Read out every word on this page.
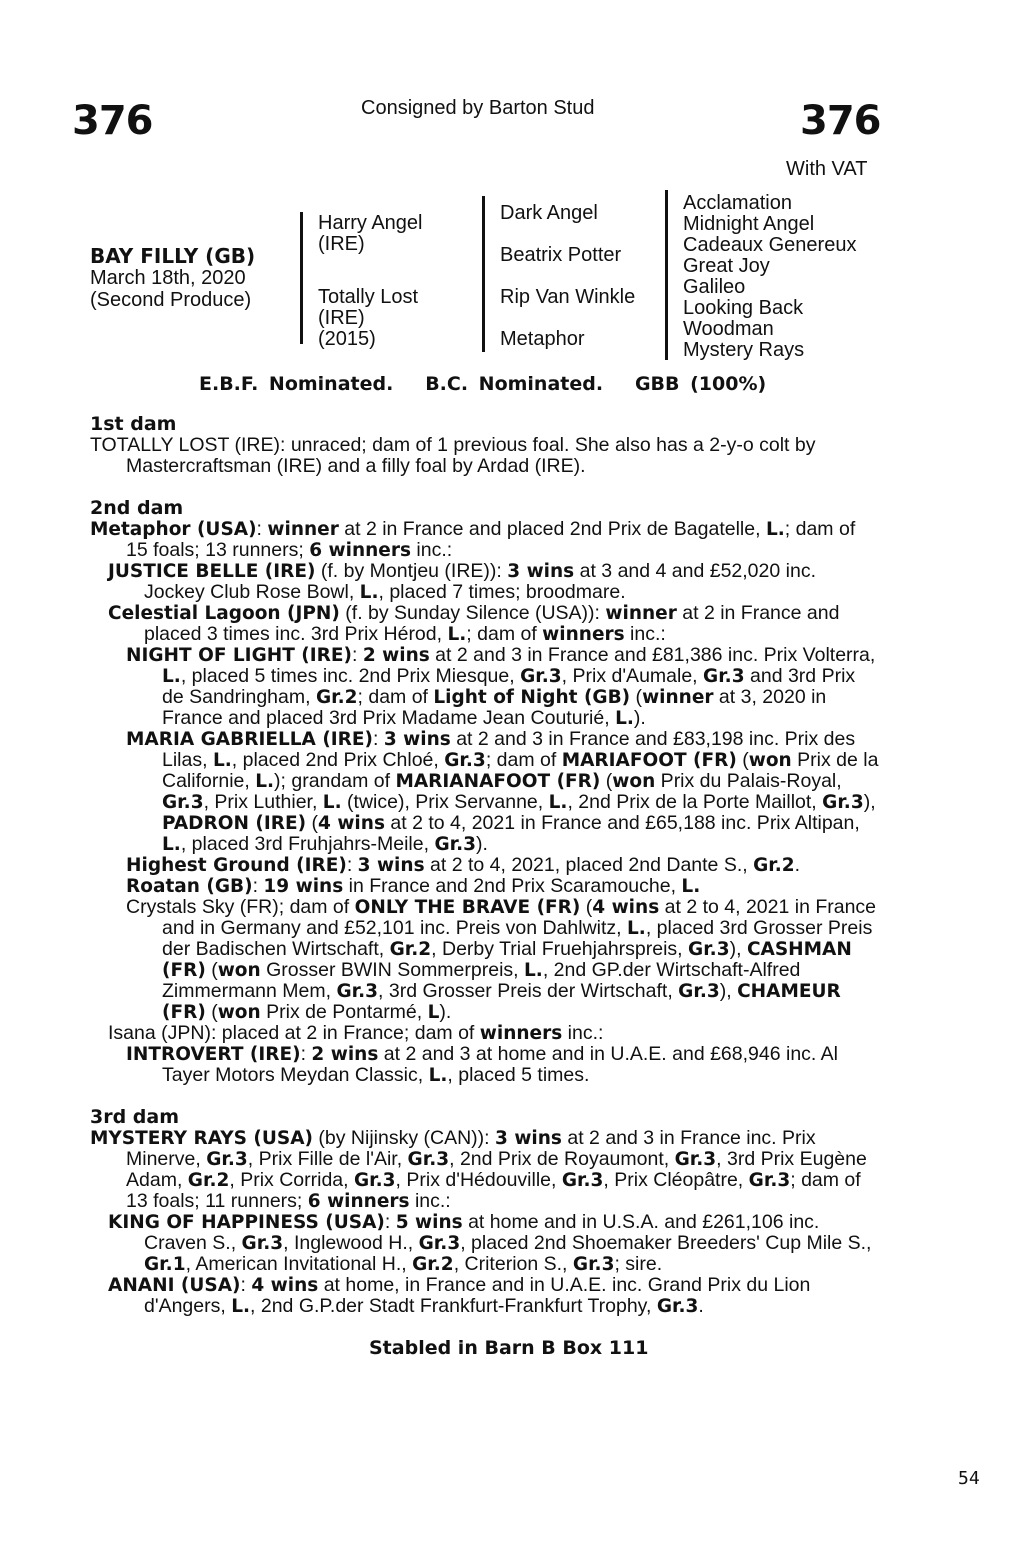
376	Consigned by Barton Stud	376
With VAT
BAY FILLY (GB)
March 18th, 2020
(Second Produce)
Harry Angel
(IRE)
Totally Lost
(IRE)
(2015)
Dark Angel
Beatrix Potter
Rip Van Winkle
Metaphor
Acclamation
Midnight Angel
Cadeaux Genereux
Great Joy
Galileo
Looking Back
Woodman
Mystery Rays
E.B.F. Nominated. B.C. Nominated. GBB (100%)
1st dam

TOTALLY LOST (IRE): unraced; dam of 1 previous foal. She also has a 2-y-o colt by Mastercraftsman (IRE) and a filly foal by Ardad (IRE).

2nd dam

Metaphor (USA): winner at 2 in France and placed 2nd Prix de Bagatelle, L.; dam of 15 foals; 13 runners; 6 winners inc.:

JUSTICE BELLE (IRE) (f. by Montjeu (IRE)): 3 wins at 3 and 4 and £52,020 inc. Jockey Club Rose Bowl, L., placed 7 times; broodmare.

Celestial Lagoon (JPN) (f. by Sunday Silence (USA)): winner at 2 in France and placed 3 times inc. 3rd Prix Hérod, L.; dam of winners inc.:

NIGHT OF LIGHT (IRE): 2 wins at 2 and 3 in France and £81,386 inc. Prix Volterra, L., placed 5 times inc. 2nd Prix Miesque, Gr.3, Prix d'Aumale, Gr.3 and 3rd Prix de Sandringham, Gr.2; dam of Light of Night (GB) (winner at 3, 2020 in France and placed 3rd Prix Madame Jean Couturié, L.).

MARIA GABRIELLA (IRE): 3 wins at 2 and 3 in France and £83,198 inc. Prix des Lilas, L., placed 2nd Prix Chloé, Gr.3; dam of MARIAFOOT (FR) (won Prix de la Californie, L.); grandam of MARIANAFOOT (FR) (won Prix du Palais-Royal, Gr.3, Prix Luthier, L. (twice), Prix Servanne, L., 2nd Prix de la Porte Maillot, Gr.3), PADRON (IRE) (4 wins at 2 to 4, 2021 in France and £65,188 inc. Prix Altipan, L., placed 3rd Fruhjahrs-Meile, Gr.3).

Highest Ground (IRE): 3 wins at 2 to 4, 2021, placed 2nd Dante S., Gr.2.

Roatan (GB): 19 wins in France and 2nd Prix Scaramouche, L.

Crystals Sky (FR); dam of ONLY THE BRAVE (FR) (4 wins at 2 to 4, 2021 in France and in Germany and £52,101 inc. Preis von Dahlwitz, L., placed 3rd Grosser Preis der Badischen Wirtschaft, Gr.2, Derby Trial Fruehjahrspreis, Gr.3), CASHMAN (FR) (won Grosser BWIN Sommerpreis, L., 2nd GP.der Wirtschaft-Alfred Zimmermann Mem, Gr.3, 3rd Grosser Preis der Wirtschaft, Gr.3), CHAMEUR (FR) (won Prix de Pontarmé, L).

Isana (JPN): placed at 2 in France; dam of winners inc.:

INTROVERT (IRE): 2 wins at 2 and 3 at home and in U.A.E. and £68,946 inc. Al Tayer Motors Meydan Classic, L., placed 5 times.

3rd dam

MYSTERY RAYS (USA) (by Nijinsky (CAN)): 3 wins at 2 and 3 in France inc. Prix Minerve, Gr.3, Prix Fille de l'Air, Gr.3, 2nd Prix de Royaumont, Gr.3, 3rd Prix Eugène Adam, Gr.2, Prix Corrida, Gr.3, Prix d'Hédouville, Gr.3, Prix Cléopâtre, Gr.3; dam of 13 foals; 11 runners; 6 winners inc.:

KING OF HAPPINESS (USA): 5 wins at home and in U.S.A. and £261,106 inc. Craven S., Gr.3, Inglewood H., Gr.3, placed 2nd Shoemaker Breeders' Cup Mile S., Gr.1, American Invitational H., Gr.2, Criterion S., Gr.3; sire.

ANANI (USA): 4 wins at home, in France and in U.A.E. inc. Grand Prix du Lion d'Angers, L., 2nd G.P.der Stadt Frankfurt-Frankfurt Trophy, Gr.3.

Stabled in Barn B Box 111
54
